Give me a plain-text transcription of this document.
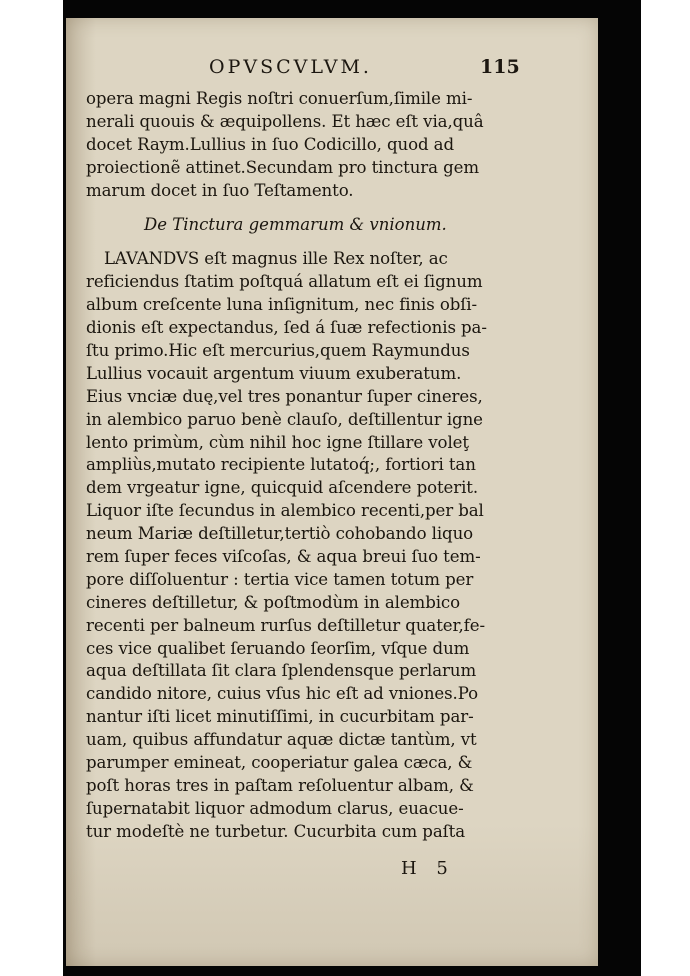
OPVSCVLVM.	115
opera magni Regis noſtri conuerſum,ſimile mi-
nerali quouis & æquipollens. Et hæc eſt via,quâ
docet Raym.Lullius in ſuo Codicillo, quod ad
proiectionẽ attinet.Secundam pro tinctura gem
marum docet in ſuo Teſtamento.
De Tinctura gemmarum & vnionum.
LAVANDVS eſt magnus ille Rex noſter, ac
reficiendus ſtatim poſtquá allatum eſt ei ſignum
album creſcente luna inſignitum, nec finis obſi-
dionis eſt expectandus, ſed á ſuæ refectionis pa-
ſtu primo.Hic eſt mercurius,quem Raymundus
Lullius vocauit argentum viuum exuberatum.
Eius vnciæ duę,vel tres ponantur ſuper cineres,
in alembico paruo benè clauſo, deſtillentur igne
lento primùm, cùm nihil hoc igne ſtillare voleţ
ampliùs,mutato recipiente lutatoq́;, fortiori tan
dem vrgeatur igne, quicquid aſcendere poterit.
Liquor iſte ſecundus in alembico recenti,per bal
neum Mariæ deſtilletur,tertiò cohobando liquo
rem ſuper feces viſcoſas, & aqua breui ſuo tem-
pore diſſoluentur : tertia vice tamen totum per
cineres deſtilletur, & poſtmodùm in alembico
recenti per balneum rurſus deſtilletur quater,fe-
ces vice qualibet ſeruando ſeorſim, vſque dum
aqua deſtillata ſit clara ſplendensque perlarum
candido nitore, cuius vſus hic eſt ad vniones.Po
nantur iſti licet minutiſſimi, in cucurbitam par-
uam, quibus affundatur aquæ dictæ tantùm, vt
parumper emineat, cooperiatur galea cæca, &
poſt horas tres in paſtam reſoluentur albam, &
ſupernatabit liquor admodum clarus, euacue-
tur modeſtè ne turbetur. Cucurbita cum paſta
H 5
